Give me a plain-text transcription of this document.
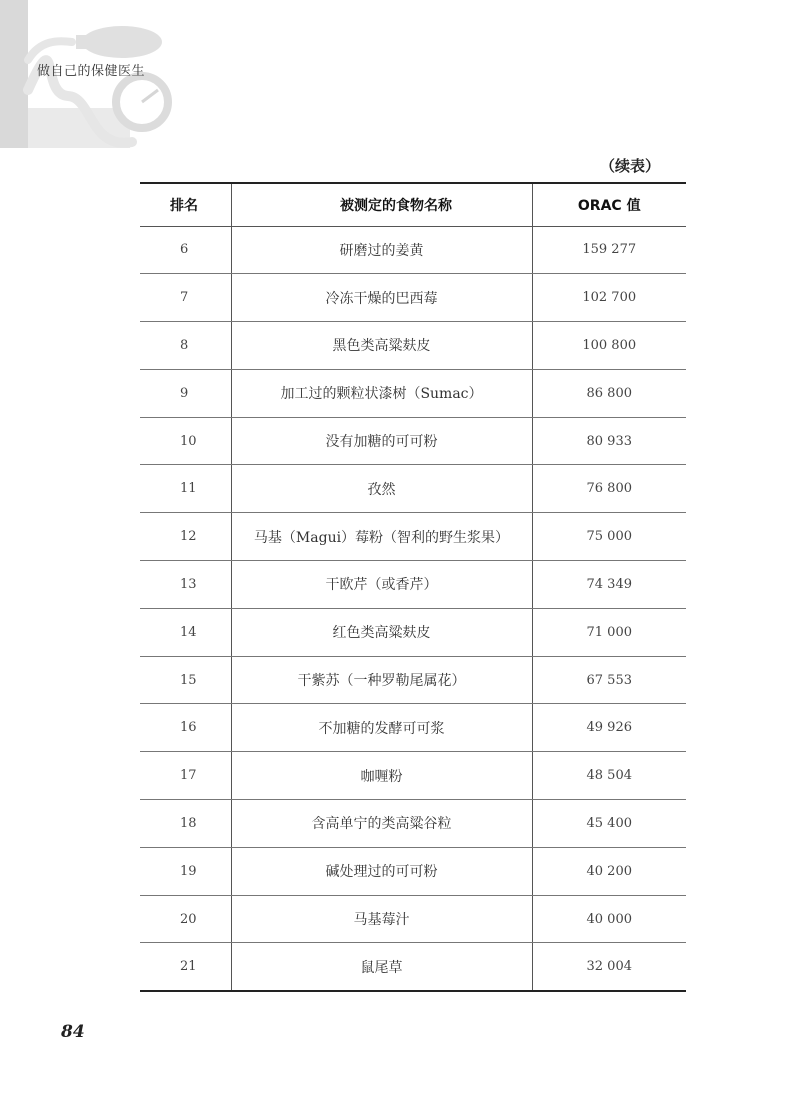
做自己的保健医生
（续表）
排名	被测定的食物名称	ORAC 值
6	研磨过的姜黄	159 277
7	冷冻干燥的巴西莓	102 700
8	黑色类高粱麸皮	100 800
9	加工过的颗粒状漆树（Sumac）	86 800
10	没有加糖的可可粉	80 933
11	孜然	76 800
12	马基（Magui）莓粉（智利的野生浆果）	75 000
13	干欧芹（或香芹）	74 349
14	红色类高粱麸皮	71 000
15	干紫苏（一种罗勒尾属花）	67 553
16	不加糖的发酵可可浆	49 926
17	咖喱粉	48 504
18	含高单宁的类高粱谷粒	45 400
19	碱处理过的可可粉	40 200
20	马基莓汁	40 000
21	鼠尾草	32 004
84
